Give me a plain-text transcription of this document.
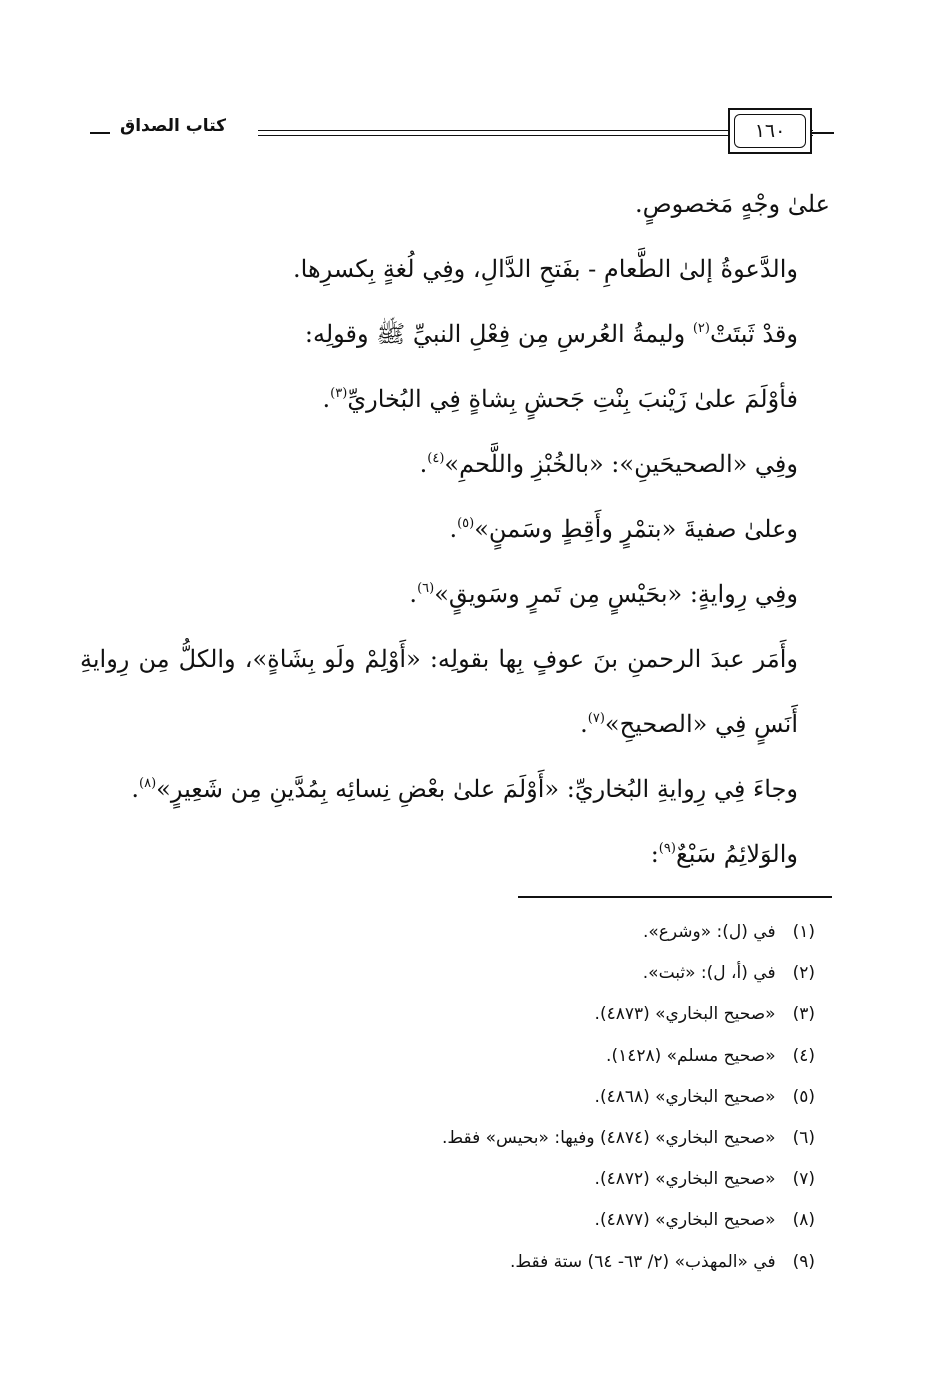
كتاب الصداق	١٦٠

علىٰ وجْهٍ مَخصوصٍ.

والدَّعوةُ إلىٰ الطَّعامِ - بفَتحِ الدَّالِ، وفِي لُغةٍ بِكسرِها.

وقدْ ثَبتَتْ$^{(٢)}$ وليمةُ العُرسِ مِن فِعْلِ النبيِّ ﷺ وقولِه:

فأوْلَمَ علىٰ زَيْنبَ بِنْتِ جَحشٍ بِشاةٍ فِي البُخاريِّ$^{(٣)}$.

وفِي «الصحيحَينِ»: «بالخُبْزِ واللَّحمِ»$^{(٤)}$.

وعلىٰ صفيةَ «بتمْرٍ وأَقِطٍ وسَمنٍ»$^{(٥)}$.

وفِي رِوايةٍ: «بحَيْسٍ مِن تَمرٍ وسَويقٍ»$^{(٦)}$.

وأَمَر عبدَ الرحمنِ بنَ عوفٍ بِها بقولِه: «أَوْلِمْ ولَو بِشَاةٍ»، والكلُّ مِن رِوايةِ أَنَسٍ فِي «الصحيحِ»$^{(٧)}$.

وجاءَ فِي رِوايةِ البُخاريِّ: «أَوْلَمَ علىٰ بعْضِ نِسائِه بِمُدَّينِ مِن شَعِيرٍ»$^{(٨)}$.

والوَلائِمُ سَبْعٌ$^{(٩)}$:

(١) في (ل): «وشرع».
(٢) في (أ، ل): «ثبت».
(٣) «صحيح البخاري» (٤٨٧٣).
(٤) «صحيح مسلم» (١٤٢٨).
(٥) «صحيح البخاري» (٤٨٦٨).
(٦) «صحيح البخاري» (٤٨٧٤) وفيها: «بحيس» فقط.
(٧) «صحيح البخاري» (٤٨٧٢).
(٨) «صحيح البخاري» (٤٨٧٧).
(٩) في «المهذب» (٢/ ٦٣- ٦٤) ستة فقط.
